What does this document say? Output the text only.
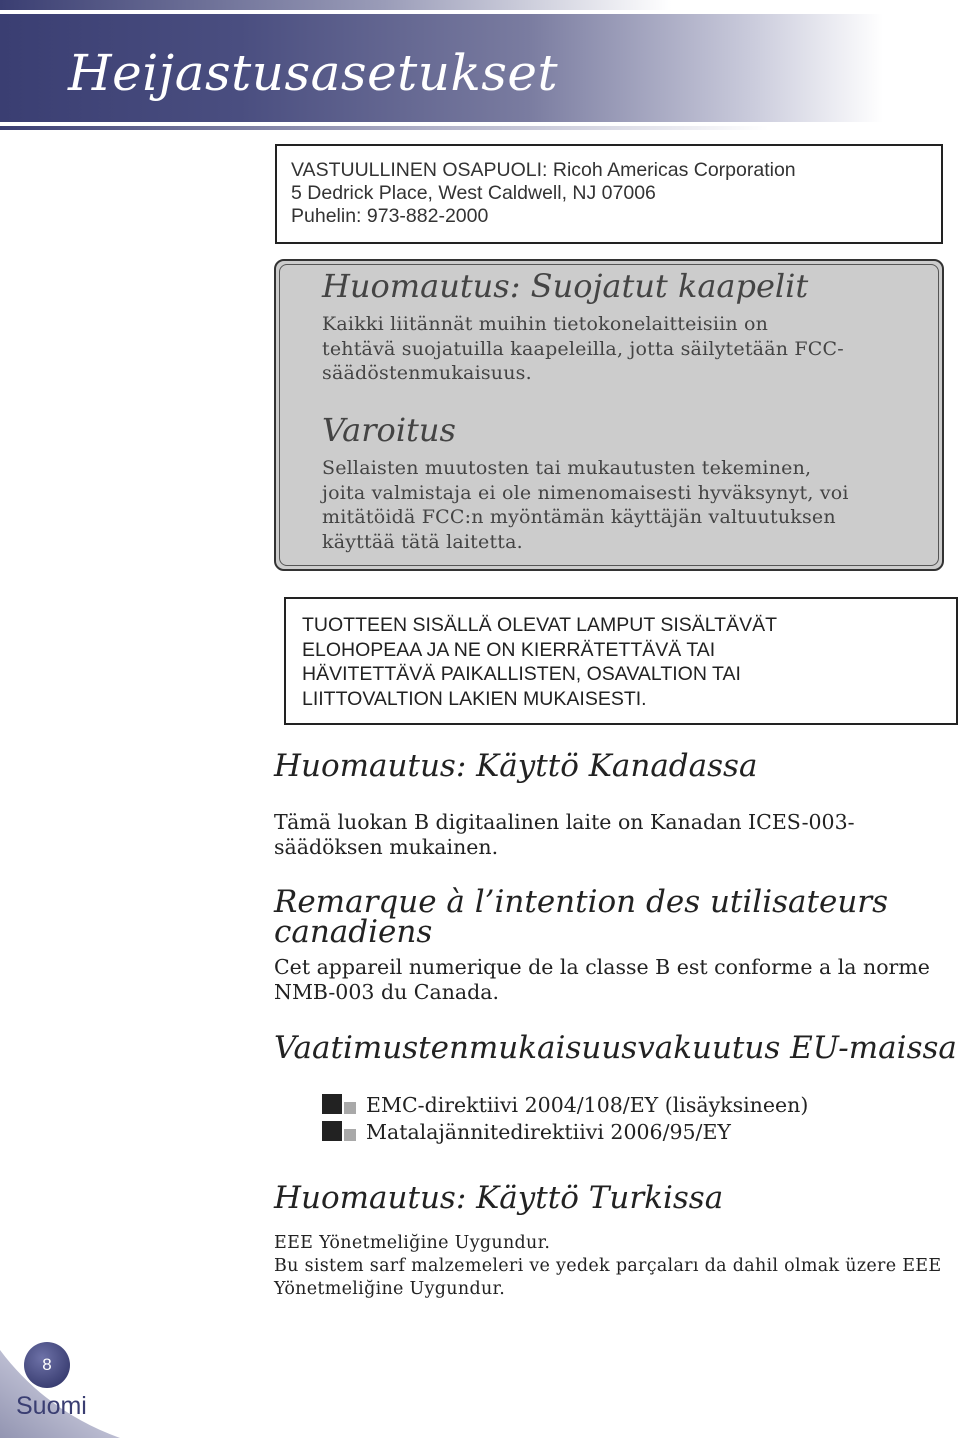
Heijastusasetukset
VASTUULLINEN OSAPUOLI: Ricoh Americas Corporation
5 Dedrick Place, West Caldwell, NJ 07006
Puhelin: 973-882-2000
Huomautus: Suojatut kaapelit
Kaikki liitännät muihin tietokonelaitteisiin on
tehtävä suojatuilla kaapeleilla, jotta säilytetään FCC-
säädöstenmukaisuus.
Varoitus
Sellaisten muutosten tai mukautusten tekeminen,
joita valmistaja ei ole nimenomaisesti hyväksynyt, voi
mitätöidä FCC:n myöntämän käyttäjän valtuutuksen
käyttää tätä laitetta.
TUOTTEEN SISÄLLÄ OLEVAT LAMPUT SISÄLTÄVÄT
ELOHOPEAA JA NE ON KIERRÄTETTÄVÄ TAI
HÄVITETTÄVÄ PAIKALLISTEN, OSAVALTION TAI
LIITTOVALTION LAKIEN MUKAISESTI.
Huomautus: Käyttö Kanadassa
Tämä luokan B digitaalinen laite on Kanadan ICES-003-
säädöksen mukainen.
Remarque à l’intention des utilisateurs
canadiens
Cet appareil numerique de la classe B est conforme a la norme
NMB-003 du Canada.
Vaatimustenmukaisuusvakuutus EU-maissa
EMC-direktiivi 2004/108/EY (lisäyksineen)
Matalajännitedirektiivi 2006/95/EY
Huomautus: Käyttö Turkissa
EEE Yönetmeliğine Uygundur.
Bu sistem sarf malzemeleri ve yedek parçaları da dahil olmak üzere EEE
Yönetmeliğine Uygundur.
8
Suomi
